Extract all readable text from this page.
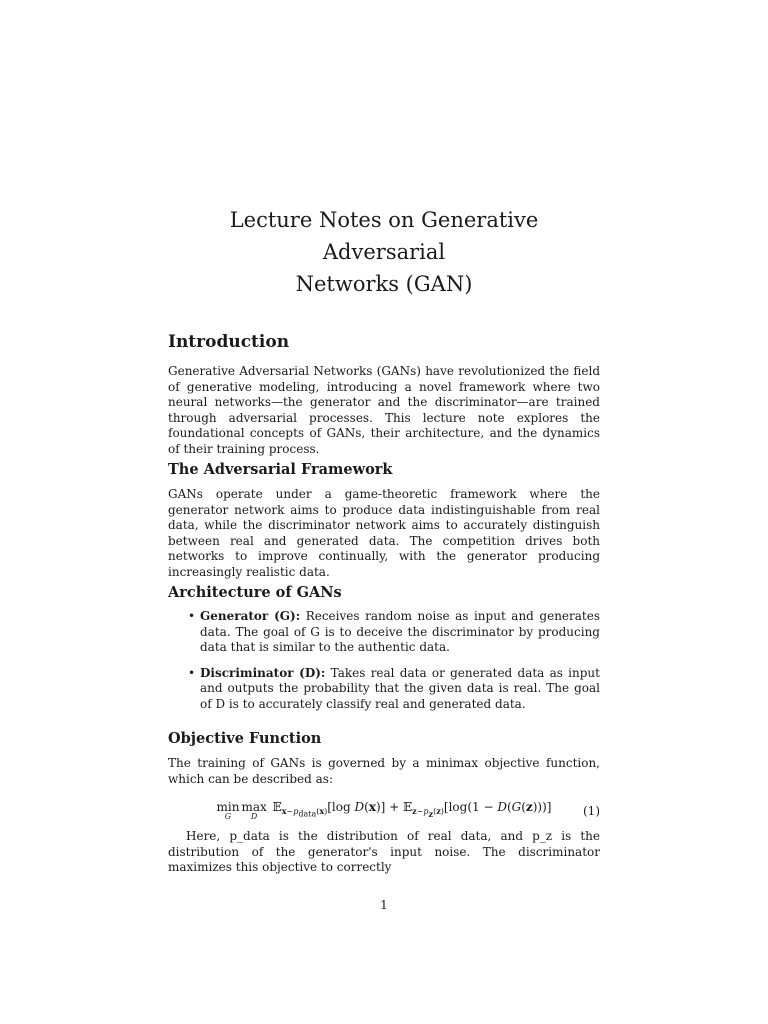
Lecture Notes on Generative Adversarial
Networks (GAN)
Introduction

Generative Adversarial Networks (GANs) have revolutionized the field of generative modeling, introducing a novel framework where two neural networks—the generator and the discriminator—are trained through adversarial processes. This lecture note explores the foundational concepts of GANs, their architecture, and the dynamics of their training process.

The Adversarial Framework

GANs operate under a game-theoretic framework where the generator network aims to produce data indistinguishable from real data, while the discriminator network aims to accurately distinguish between real and generated data. The competition drives both networks to improve continually, with the generator producing increasingly realistic data.

Architecture of GANs
• Generator (G): Receives random noise as input and generates data. The goal of G is to deceive the discriminator by producing data that is similar to the authentic data.
• Discriminator (D): Takes real data or generated data as input and outputs the probability that the given data is real. The goal of D is to accurately classify real and generated data.
Objective Function

The training of GANs is governed by a minimax objective function, which can be described as:

min
G
max
D
𝔼$_{x\sim p_{data}(x)}$[log D(x)] + 𝔼$_{z\sim p_z(z)}$[log(1 − D(G(z)))]	(1)

Here, p_data is the distribution of real data, and p_z is the distribution of the generator's input noise. The discriminator maximizes this objective to correctly

1
